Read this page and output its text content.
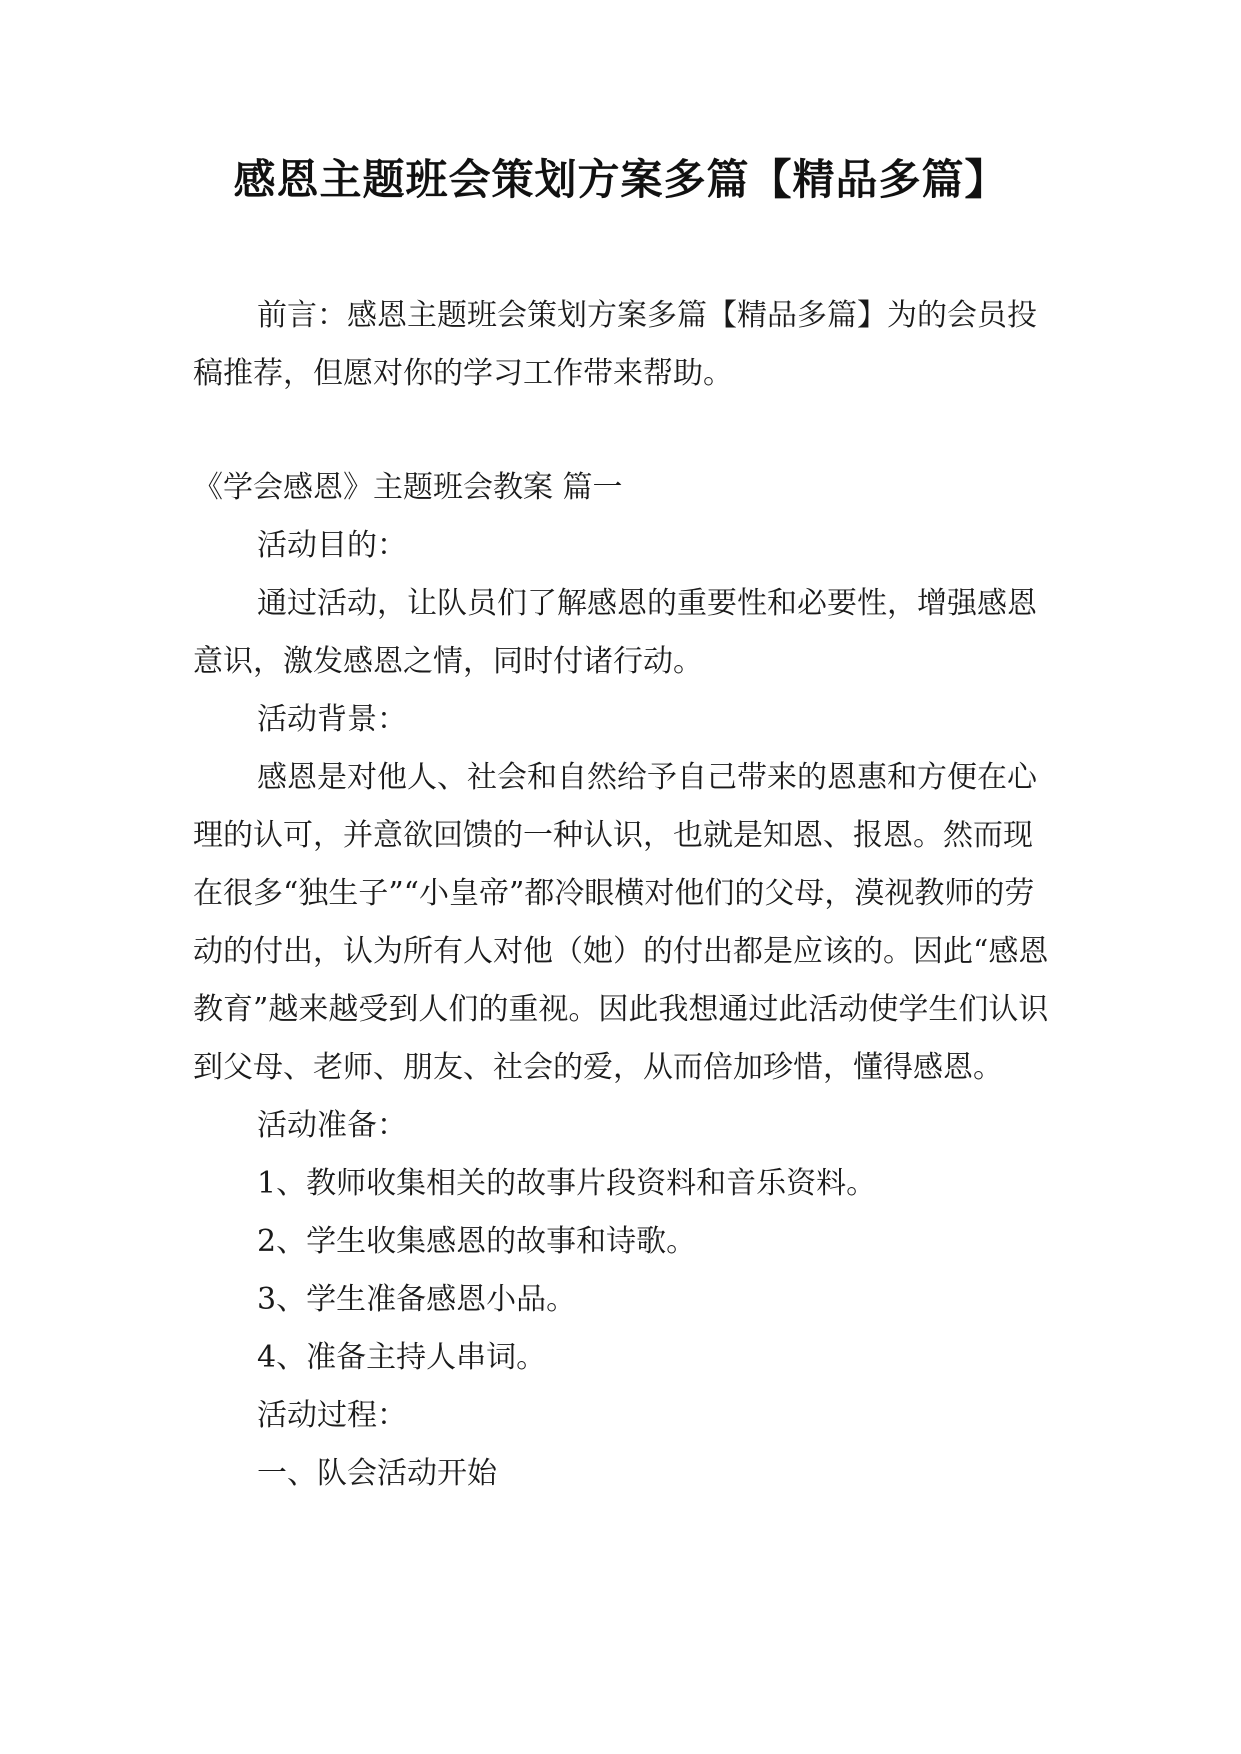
感恩主题班会策划方案多篇【精品多篇】

前言：感恩主题班会策划方案多篇【精品多篇】为的会员投稿推荐，但愿对你的学习工作带来帮助。

《学会感恩》主题班会教案 篇一

活动目的：

通过活动，让队员们了解感恩的重要性和必要性，增强感恩意识，激发感恩之情，同时付诸行动。

活动背景：

感恩是对他人、社会和自然给予自己带来的恩惠和方便在心理的认可，并意欲回馈的一种认识，也就是知恩、报恩。然而现在很多“独生子”“小皇帝”都冷眼横对他们的父母，漠视教师的劳动的付出，认为所有人对他（她）的付出都是应该的。因此“感恩教育”越来越受到人们的重视。因此我想通过此活动使学生们认识到父母、老师、朋友、社会的爱，从而倍加珍惜，懂得感恩。

活动准备：

1、教师收集相关的故事片段资料和音乐资料。

2、学生收集感恩的故事和诗歌。

3、学生准备感恩小品。

4、准备主持人串词。

活动过程：

一、队会活动开始
